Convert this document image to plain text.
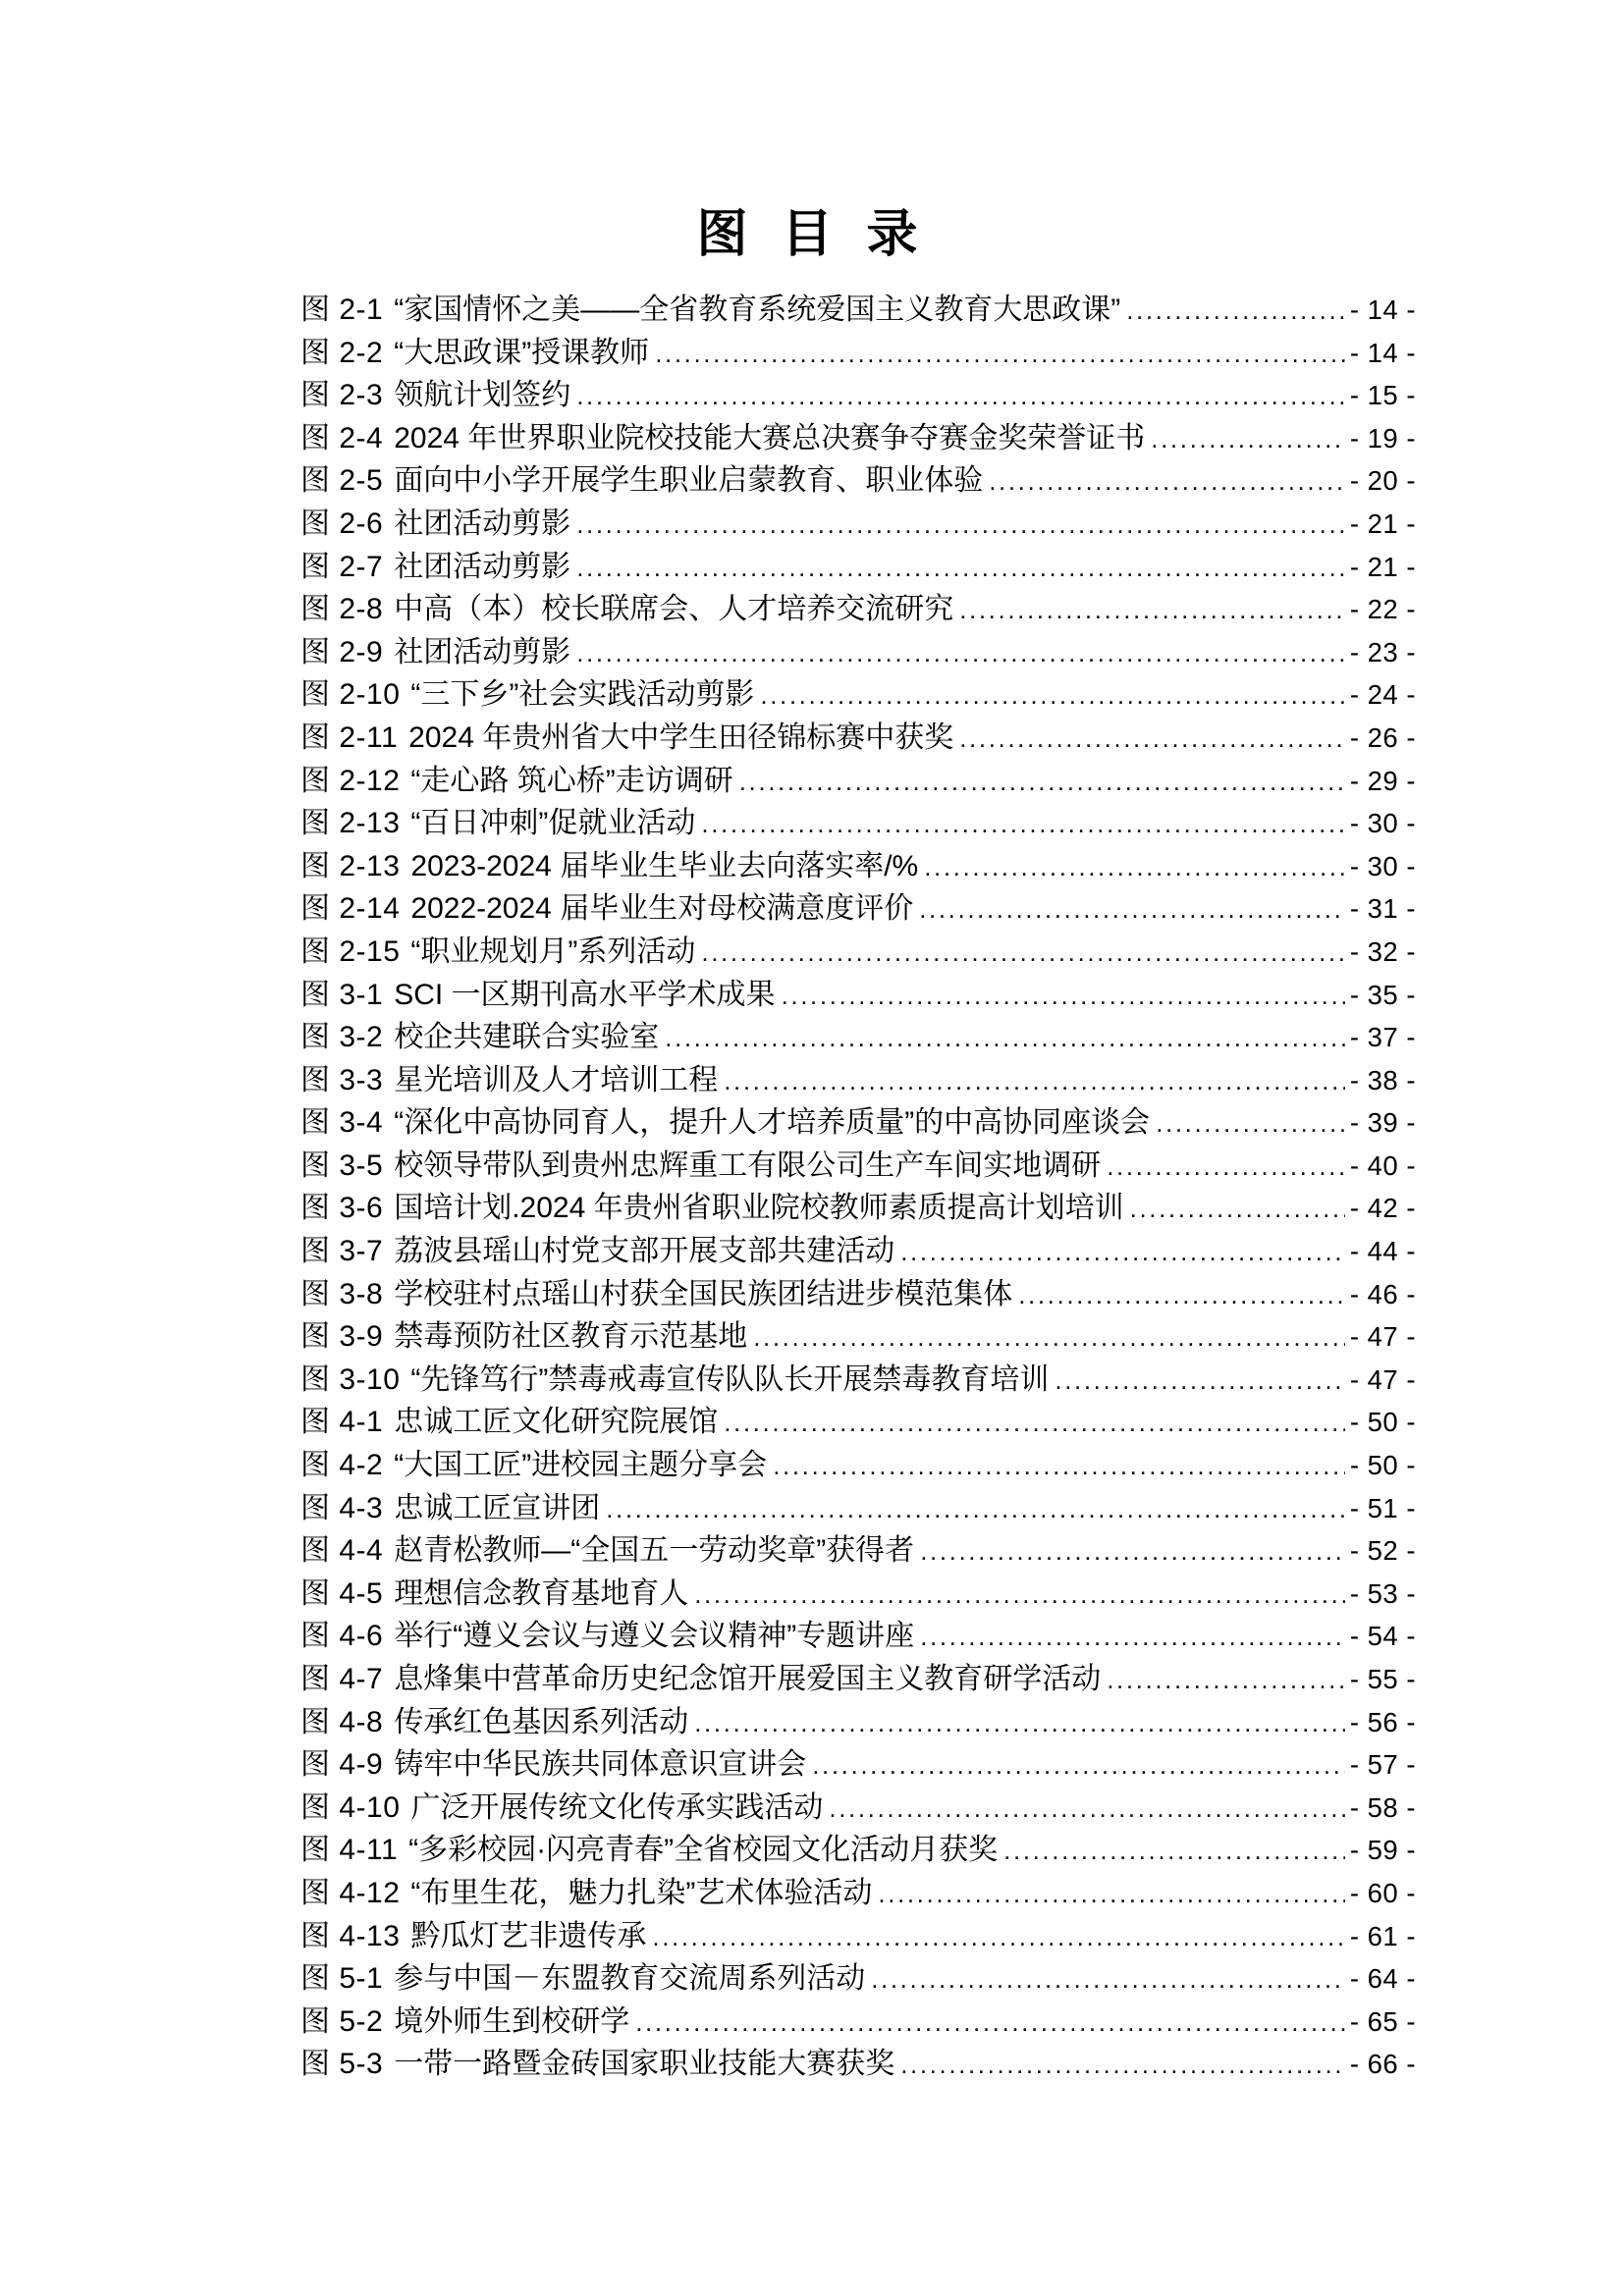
图 目 录
图 2-1 “家国情怀之美——全省教育系统爱国主义教育大思政课” .....	- 14 -
图 2-2 “大思政课”授课教师 .....	- 14 -
图 2-3 领航计划签约 .....	- 15 -
图 2-4 2024 年世界职业院校技能大赛总决赛争夺赛金奖荣誉证书 .....	- 19 -
图 2-5 面向中小学开展学生职业启蒙教育、职业体验 .....	- 20 -
图 2-6 社团活动剪影 .....	- 21 -
图 2-7 社团活动剪影 .....	- 21 -
图 2-8 中高（本）校长联席会、人才培养交流研究 .....	- 22 -
图 2-9 社团活动剪影 .....	- 23 -
图 2-10 “三下乡”社会实践活动剪影 .....	- 24 -
图 2-11 2024 年贵州省大中学生田径锦标赛中获奖 .....	- 26 -
图 2-12 “走心路 筑心桥”走访调研 .....	- 29 -
图 2-13 “百日冲刺”促就业活动 .....	- 30 -
图 2-13 2023-2024 届毕业生毕业去向落实率/% .....	- 30 -
图 2-14 2022-2024 届毕业生对母校满意度评价 .....	- 31 -
图 2-15 “职业规划月”系列活动 .....	- 32 -
图 3-1 SCI 一区期刊高水平学术成果 .....	- 35 -
图 3-2 校企共建联合实验室 .....	- 37 -
图 3-3 星光培训及人才培训工程 .....	- 38 -
图 3-4 “深化中高协同育人，提升人才培养质量”的中高协同座谈会 .....	- 39 -
图 3-5 校领导带队到贵州忠辉重工有限公司生产车间实地调研 .....	- 40 -
图 3-6 国培计划.2024 年贵州省职业院校教师素质提高计划培训 .....	- 42 -
图 3-7 荔波县瑶山村党支部开展支部共建活动 .....	- 44 -
图 3-8 学校驻村点瑶山村获全国民族团结进步模范集体 .....	- 46 -
图 3-9 禁毒预防社区教育示范基地 .....	- 47 -
图 3-10 “先锋笃行”禁毒戒毒宣传队队长开展禁毒教育培训 .....	- 47 -
图 4-1 忠诚工匠文化研究院展馆 .....	- 50 -
图 4-2 “大国工匠”进校园主题分享会 .....	- 50 -
图 4-3 忠诚工匠宣讲团 .....	- 51 -
图 4-4 赵青松教师—“全国五一劳动奖章”获得者 .....	- 52 -
图 4-5 理想信念教育基地育人 .....	- 53 -
图 4-6 举行“遵义会议与遵义会议精神”专题讲座 .....	- 54 -
图 4-7 息烽集中营革命历史纪念馆开展爱国主义教育研学活动 .....	- 55 -
图 4-8 传承红色基因系列活动 .....	- 56 -
图 4-9 铸牢中华民族共同体意识宣讲会 .....	- 57 -
图 4-10 广泛开展传统文化传承实践活动 .....	- 58 -
图 4-11 “多彩校园·闪亮青春”全省校园文化活动月获奖 .....	- 59 -
图 4-12 “布里生花，魅力扎染”艺术体验活动 .....	- 60 -
图 4-13 黔瓜灯艺非遗传承 .....	- 61 -
图 5-1 参与中国－东盟教育交流周系列活动 .....	- 64 -
图 5-2 境外师生到校研学 .....	- 65 -
图 5-3 一带一路暨金砖国家职业技能大赛获奖 .....	- 66 -
